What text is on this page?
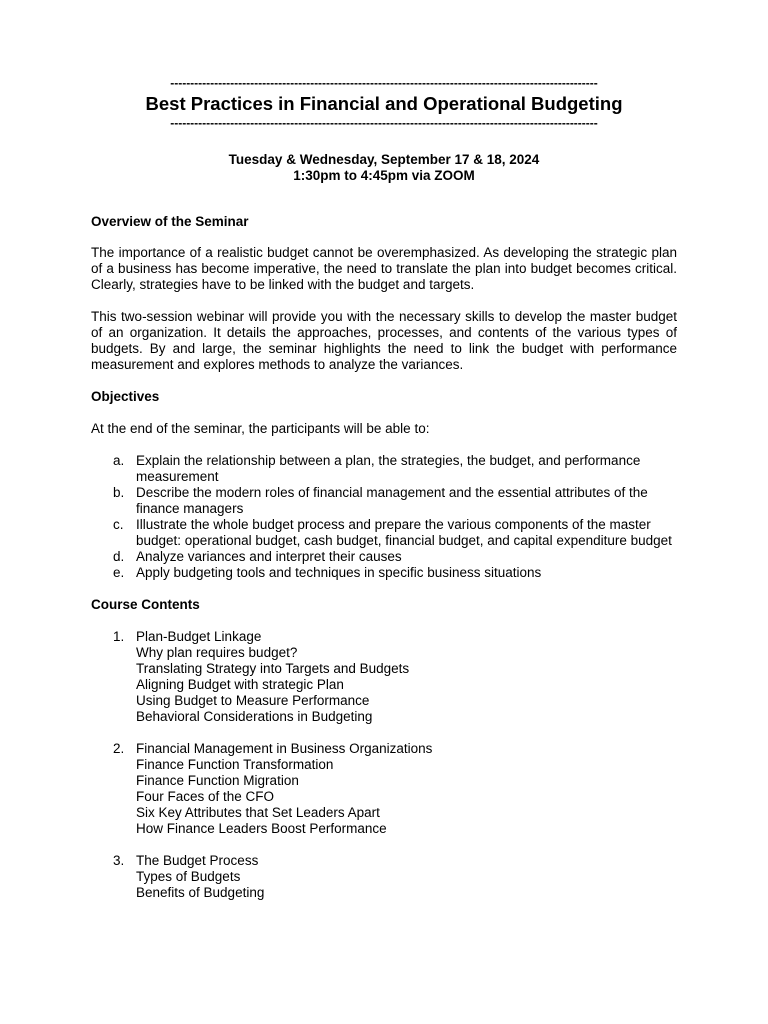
-----------------------------------------------------------------------------------------------------------
Best Practices in Financial and Operational Budgeting
-----------------------------------------------------------------------------------------------------------
Tuesday & Wednesday, September 17 & 18, 2024
1:30pm to 4:45pm via ZOOM
Overview of the Seminar

The importance of a realistic budget cannot be overemphasized. As developing the strategic plan of a business has become imperative, the need to translate the plan into budget becomes critical. Clearly, strategies have to be linked with the budget and targets.

This two-session webinar will provide you with the necessary skills to develop the master budget of an organization. It details the approaches, processes, and contents of the various types of budgets. By and large, the seminar highlights the need to link the budget with performance measurement and explores methods to analyze the variances.

Objectives

At the end of the seminar, the participants will be able to:

a. Explain the relationship between a plan, the strategies, the budget, and performance measurement
b. Describe the modern roles of financial management and the essential attributes of the finance managers
c. Illustrate the whole budget process and prepare the various components of the master budget: operational budget, cash budget, financial budget, and capital expenditure budget
d. Analyze variances and interpret their causes
e. Apply budgeting tools and techniques in specific business situations
Course Contents
1. Plan-Budget Linkage
Why plan requires budget?
Translating Strategy into Targets and Budgets
Aligning Budget with strategic Plan
Using Budget to Measure Performance
Behavioral Considerations in Budgeting
2. Financial Management in Business Organizations
Finance Function Transformation
Finance Function Migration
Four Faces of the CFO
Six Key Attributes that Set Leaders Apart
How Finance Leaders Boost Performance
3. The Budget Process
Types of Budgets
Benefits of Budgeting
